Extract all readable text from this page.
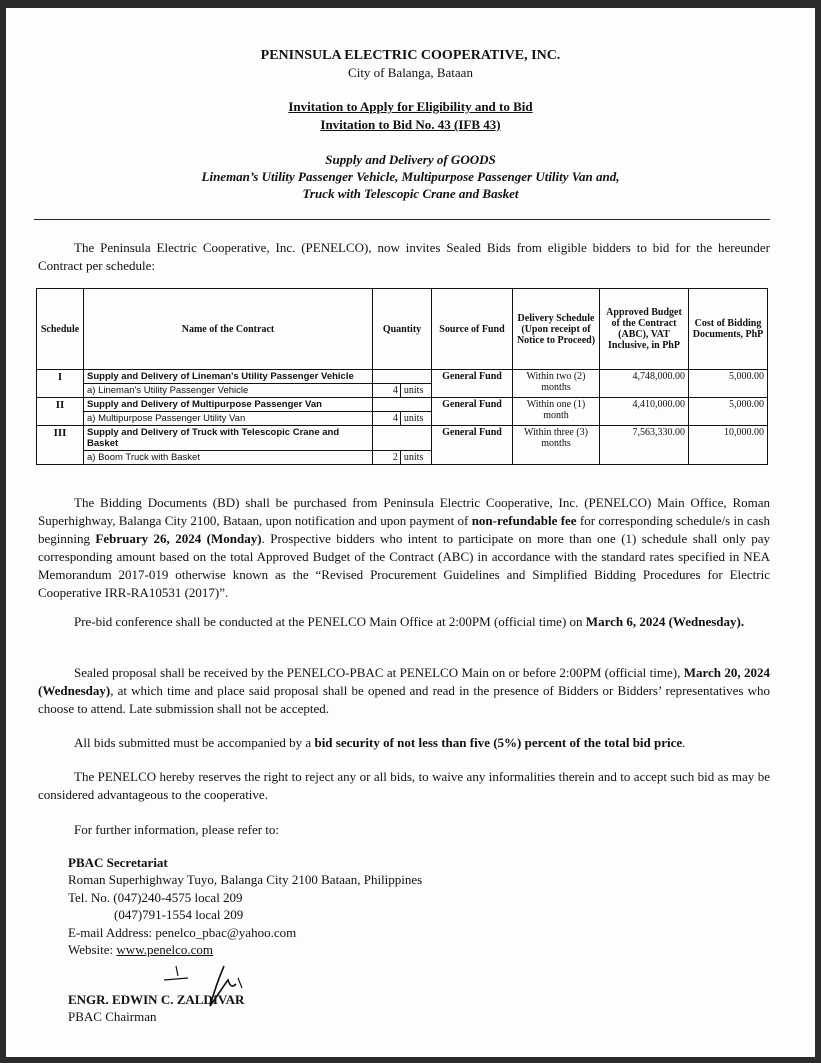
PENINSULA ELECTRIC COOPERATIVE, INC.
City of Balanga, Bataan
Invitation to Apply for Eligibility and to Bid
Invitation to Bid No. 43 (IFB 43)
Supply and Delivery of GOODS
Lineman’s Utility Passenger Vehicle, Multipurpose Passenger Utility Van and,
Truck with Telescopic Crane and Basket
The Peninsula Electric Cooperative, Inc. (PENELCO), now invites Sealed Bids from eligible bidders to bid for the hereunder Contract per schedule:
Schedule	Name of the Contract	Quantity		Source of Fund	Delivery Schedule (Upon receipt of Notice to Proceed)	Approved Budget of the Contract (ABC), VAT Inclusive, in PhP	Cost of Bidding Documents, PhP
I	Supply and Delivery of Lineman's Utility Passenger Vehicle			General Fund	Within two (2) months	4,748,000.00	5,000.00
	a) Lineman's Utility Passenger Vehicle	4	units				
II	Supply and Delivery of Multipurpose Passenger Van			General Fund	Within one (1) month	4,410,000.00	5,000.00
	a) Multipurpose Passenger Utility Van	4	units				
III	Supply and Delivery of Truck with Telescopic Crane and Basket			General Fund	Within three (3) months	7,563,330.00	10,000.00
	a) Boom Truck with Basket	2	units				
The Bidding Documents (BD) shall be purchased from Peninsula Electric Cooperative, Inc. (PENELCO) Main Office, Roman Superhighway, Balanga City 2100, Bataan, upon notification and upon payment of non-refundable fee for corresponding schedule/s in cash beginning February 26, 2024 (Monday). Prospective bidders who intent to participate on more than one (1) schedule shall only pay corresponding amount based on the total Approved Budget of the Contract (ABC) in accordance with the standard rates specified in NEA Memorandum 2017-019 otherwise known as the “Revised Procurement Guidelines and Simplified Bidding Procedures for Electric Cooperative IRR-RA10531 (2017)”.
Pre-bid conference shall be conducted at the PENELCO Main Office at 2:00PM (official time) on March 6, 2024 (Wednesday).
Sealed proposal shall be received by the PENELCO-PBAC at PENELCO Main on or before 2:00PM (official time), March 20, 2024 (Wednesday), at which time and place said proposal shall be opened and read in the presence of Bidders or Bidders’ representatives who choose to attend. Late submission shall not be accepted.
All bids submitted must be accompanied by a bid security of not less than five (5%) percent of the total bid price.
The PENELCO hereby reserves the right to reject any or all bids, to waive any informalities therein and to accept such bid as may be considered advantageous to the cooperative.
For further information, please refer to:
PBAC Secretariat
Roman Superhighway Tuyo, Balanga City 2100 Bataan, Philippines
Tel. No. (047)240-4575 local 209
(047)791-1554 local 209
E-mail Address: penelco_pbac@yahoo.com
Website: www.penelco.com
ENGR. EDWIN C. ZALDIVAR
PBAC Chairman
